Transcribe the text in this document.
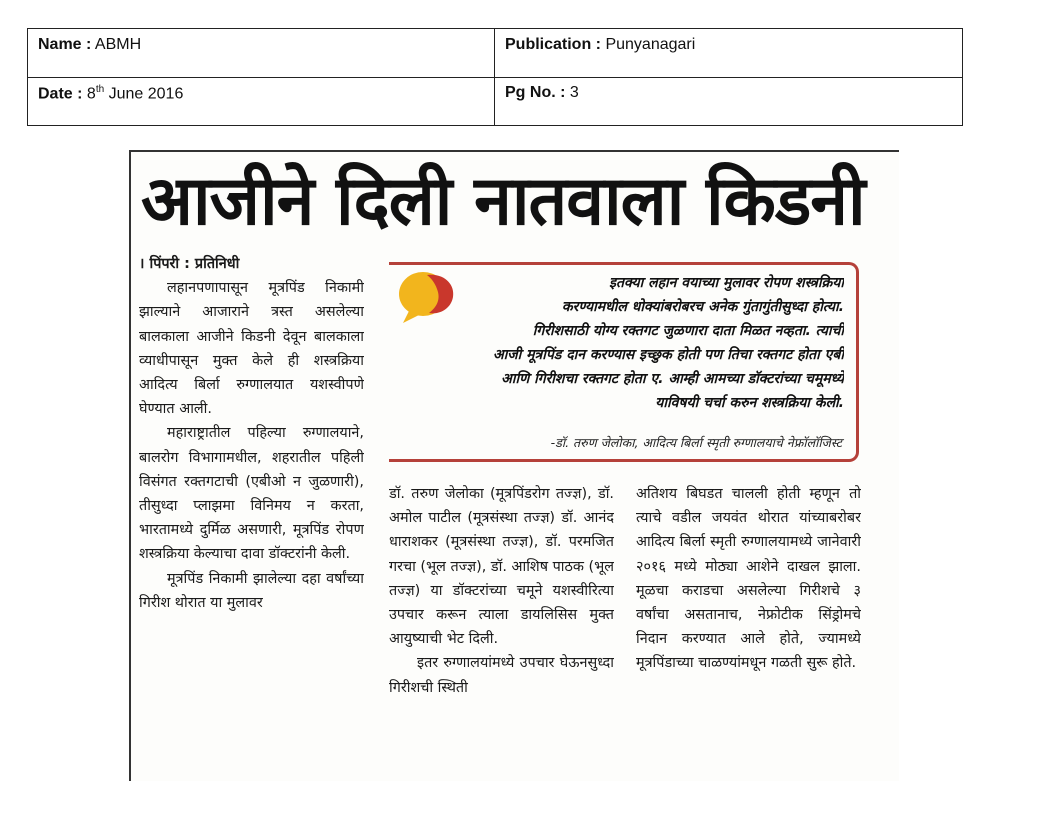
Name : ABMH	Publication : Punyanagari
Date : 8th June 2016	Pg No. : 3
आजीने दिली नातवाला किडनी

। पिंपरी : प्रतिनिधी

लहानपणापासून मूत्रपिंड निकामी झाल्याने आजाराने त्रस्त असलेल्या बालकाला आजीने किडनी देवून बालकाला व्याधीपासून मुक्त केले ही शस्त्रक्रिया आदित्य बिर्ला रुग्णालयात यशस्वीपणे घेण्यात आली.

महाराष्ट्रातील पहिल्या रुग्णालयाने, बालरोग विभागामधील, शहरातील पहिली विसंगत रक्तगटाची (एबीओ न जुळणारी), तीसुध्दा प्लाझमा विनिमय न करता, भारतामध्ये दुर्मिळ असणारी, मूत्रपिंड रोपण शस्त्रक्रिया केल्याचा दावा डॉक्टरांनी केली.

मूत्रपिंड निकामी झालेल्या दहा वर्षांच्या गिरीश थोरात या मुलावर

इतक्या लहान वयाच्या मुलावर रोपण शस्त्रक्रिया
करण्यामधील धोक्यांबरोबरच अनेक गुंतागुंतीसुध्दा होत्या.
गिरीशसाठी योग्य रक्तगट जुळणारा दाता मिळत नव्हता. त्याची
आजी मूत्रपिंड दान करण्यास इच्छुक होती पण तिचा रक्तगट होता एबी
आणि गिरीशचा रक्तगट होता ए. आम्ही आमच्या डॉक्टरांच्या चमूमध्ये
याविषयी चर्चा करुन शस्त्रक्रिया केली.
-डॉ. तरुण जेलोका, आदित्य बिर्ला स्मृती रुग्णालयाचे नेफ्रॉलॉजिस्ट

डॉ. तरुण जेलोका (मूत्रपिंडरोग तज्ज्ञ), डॉ. अमोल पाटील (मूत्रसंस्था तज्ज्ञ) डॉ. आनंद धाराशकर (मूत्रसंस्था तज्ज्ञ), डॉ. परमजित गरचा (भूल तज्ज्ञ), डॉ. आशिष पाठक (भूल तज्ज्ञ) या डॉक्टरांच्या चमूने यशस्वीरित्या उपचार करून त्याला डायलिसिस मुक्त आयुष्याची भेट दिली.

इतर रुग्णालयांमध्ये उपचार घेऊनसुध्दा गिरीशची स्थिती

अतिशय बिघडत चालली होती म्हणून तो त्याचे वडील जयवंत थोरात यांच्याबरोबर आदित्य बिर्ला स्मृती रुग्णालयामध्ये जानेवारी २०१६ मध्ये मोठ्या आशेने दाखल झाला. मूळचा कराडचा असलेल्या गिरीशचे ३ वर्षांचा असतानाच, नेफ्रोटीक सिंड्रोमचे निदान करण्यात आले होते, ज्यामध्ये मूत्रपिंडाच्या चाळण्यांमधून गळती सुरू होते.
